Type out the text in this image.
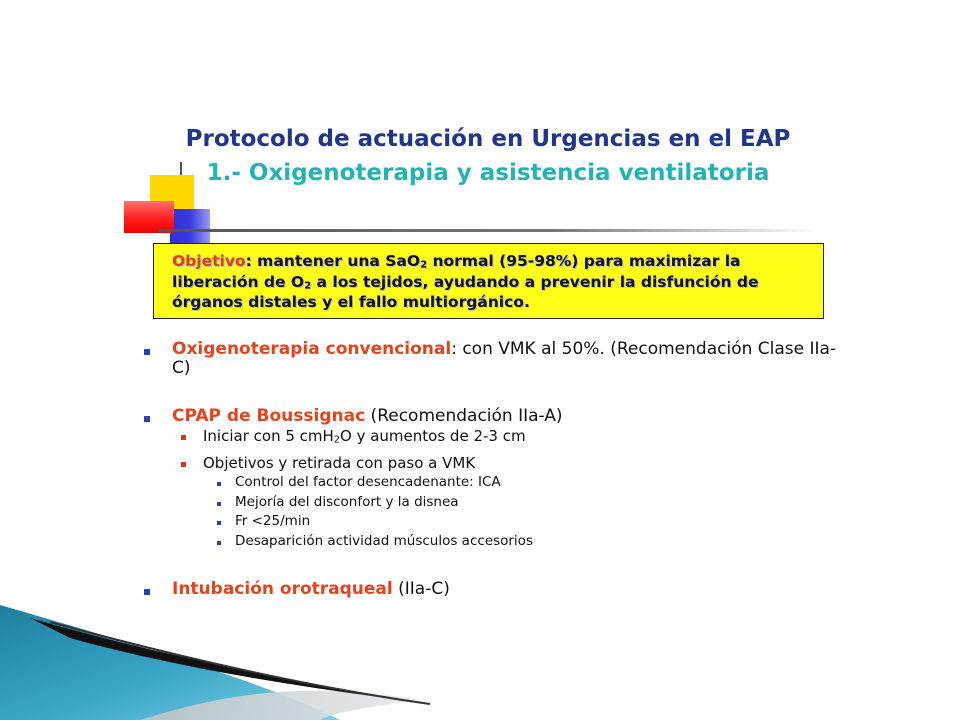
Protocolo de actuación en Urgencias en el EAP
1.- Oxigenoterapia y asistencia ventilatoria
Objetivo: mantener una SaO2 normal (95-98%) para maximizar la liberación de O2 a los tejidos, ayudando a prevenir la disfunción de órganos distales y el fallo multiorgánico.
Oxigenoterapia convencional: con VMK al 50%. (Recomendación Clase IIa-C)
CPAP de Boussignac (Recomendación IIa-A)
Iniciar con 5 cmH2O y aumentos de 2-3 cm
Objetivos y retirada con paso a VMK
Control del factor desencadenante: ICA
Mejoría del disconfort y la disnea
Fr <25/min
Desaparición actividad músculos accesorios
Intubación orotraqueal (IIa-C)
